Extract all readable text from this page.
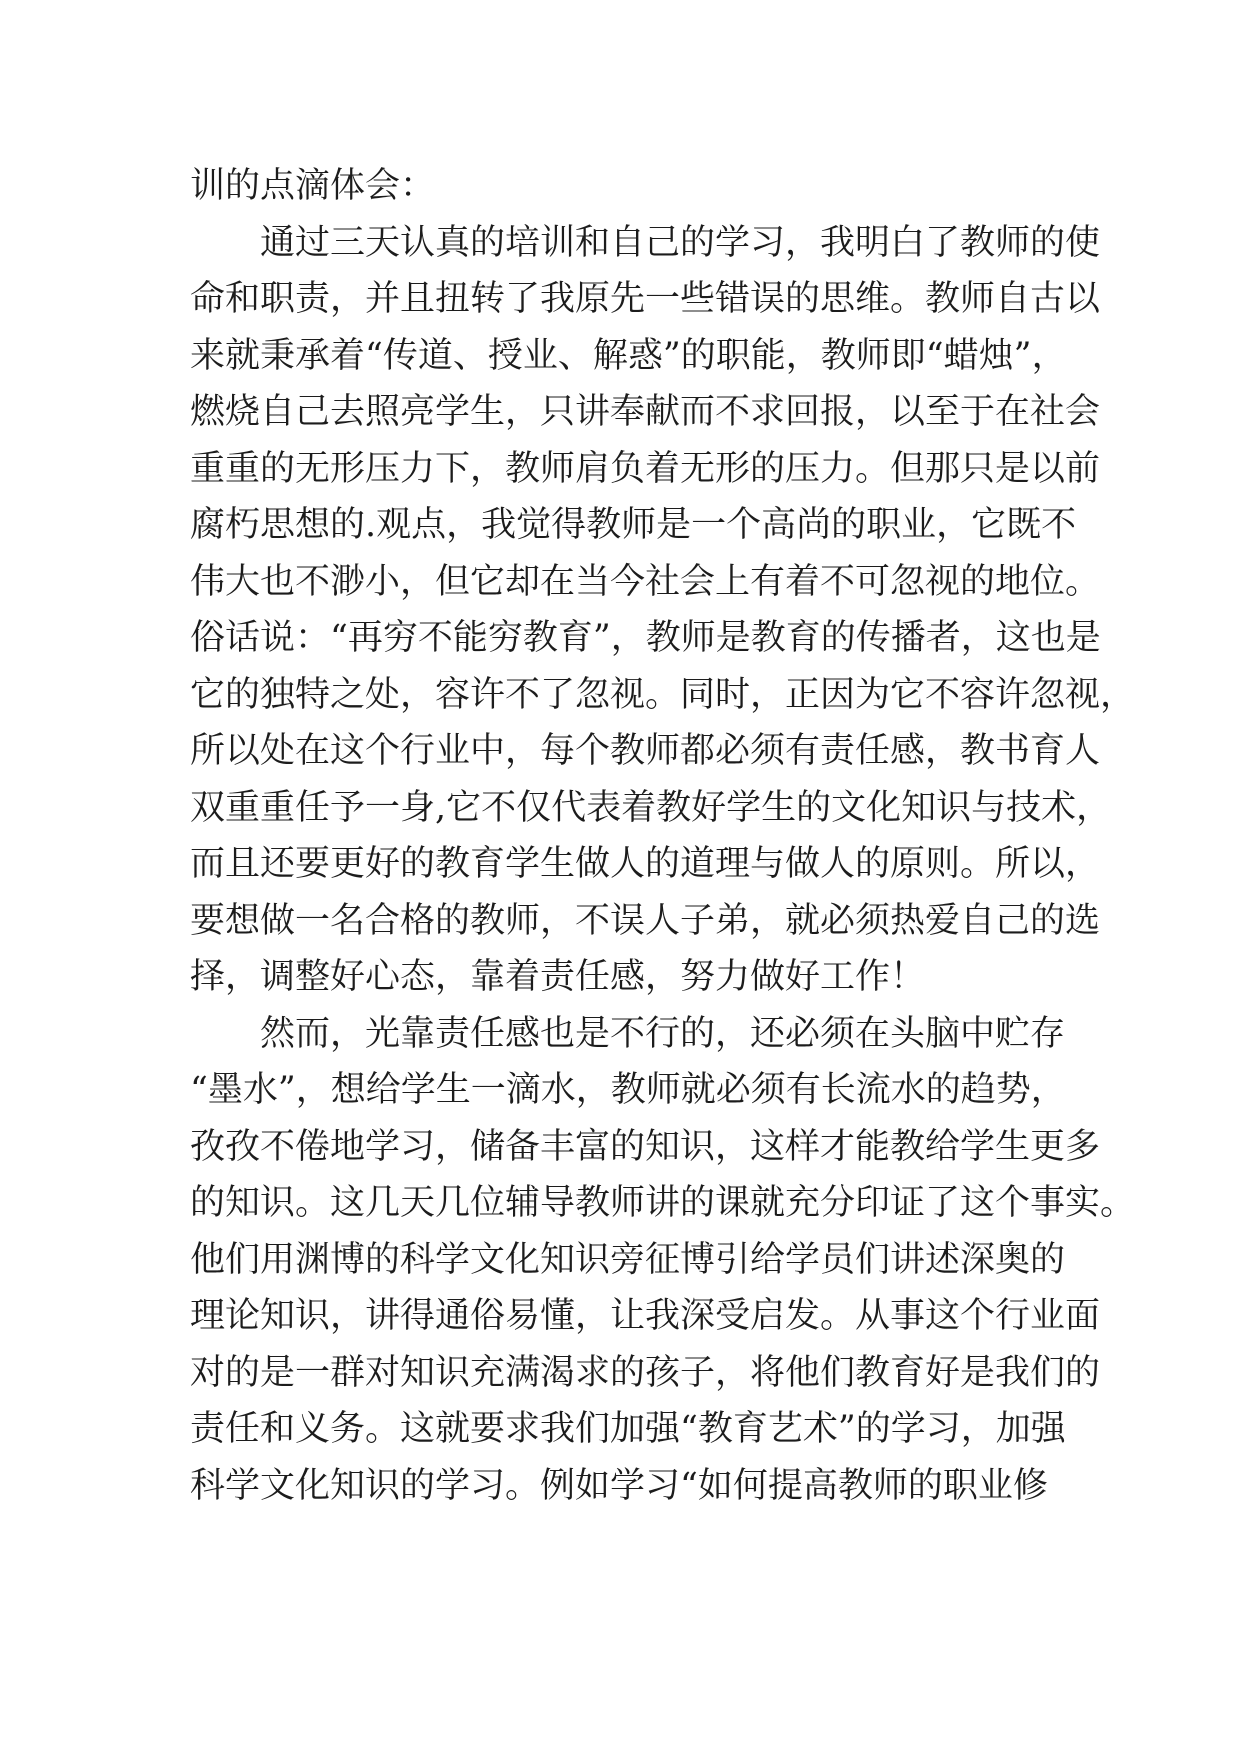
训的点滴体会：
通过三天认真的培训和自己的学习，我明白了教师的使
命和职责，并且扭转了我原先一些错误的思维。教师自古以
来就秉承着“传道、授业、解惑”的职能，教师即“蜡烛”，
燃烧自己去照亮学生，只讲奉献而不求回报，以至于在社会
重重的无形压力下，教师肩负着无形的压力。但那只是以前
腐朽思想的.观点，我觉得教师是一个高尚的职业，它既不
伟大也不渺小，但它却在当今社会上有着不可忽视的地位。
俗话说：“再穷不能穷教育”，教师是教育的传播者，这也是
它的独特之处，容许不了忽视。同时，正因为它不容许忽视，
所以处在这个行业中，每个教师都必须有责任感，教书育人
双重重任予一身,它不仅代表着教好学生的文化知识与技术，
而且还要更好的教育学生做人的道理与做人的原则。所以，
要想做一名合格的教师，不误人子弟，就必须热爱自己的选
择，调整好心态，靠着责任感，努力做好工作！
然而，光靠责任感也是不行的，还必须在头脑中贮存
“墨水”，想给学生一滴水，教师就必须有长流水的趋势，
孜孜不倦地学习，储备丰富的知识，这样才能教给学生更多
的知识。这几天几位辅导教师讲的课就充分印证了这个事实。
他们用渊博的科学文化知识旁征博引给学员们讲述深奥的
理论知识，讲得通俗易懂，让我深受启发。从事这个行业面
对的是一群对知识充满渴求的孩子，将他们教育好是我们的
责任和义务。这就要求我们加强“教育艺术”的学习，加强
科学文化知识的学习。例如学习“如何提高教师的职业修
